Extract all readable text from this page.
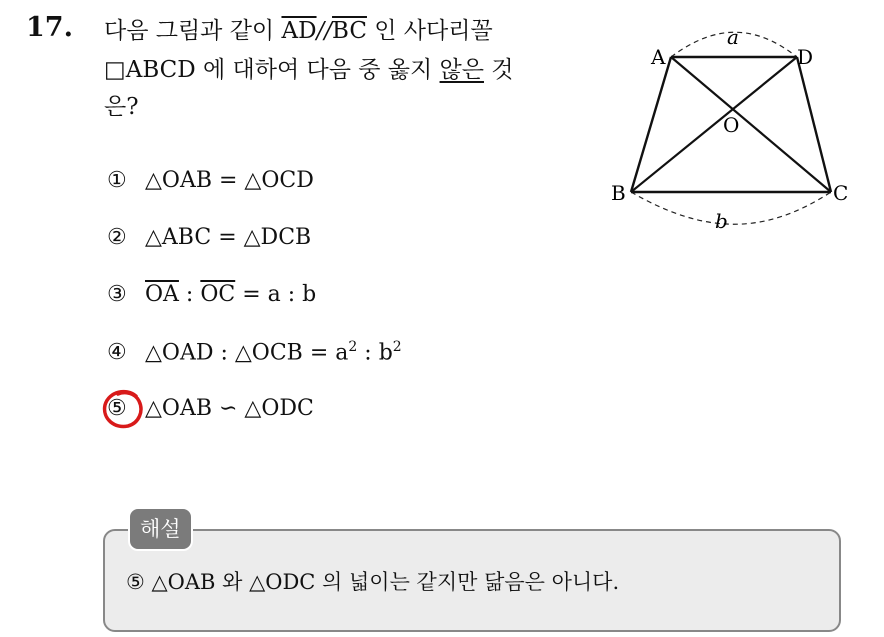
17. 다음 그림과 같이 $\overline{AD}//\overline{BC}$ 인 사다리꼴
□ABCD 에 대하여 다음 중 옳지 않은 것
은?
① △OAB = △OCD
② △ABC = △DCB
③ $\overline{OA}$ : $\overline{OC} = a$ : b
④ △OAD : △OCB = $a^2$ : $b^2$
⑤ △OAB ∽ △ODC
A	D
O
B	C
a
b
해설
⑤ △OAB 와 △ODC 의 넓이는 같지만 닮음은 아니다.
